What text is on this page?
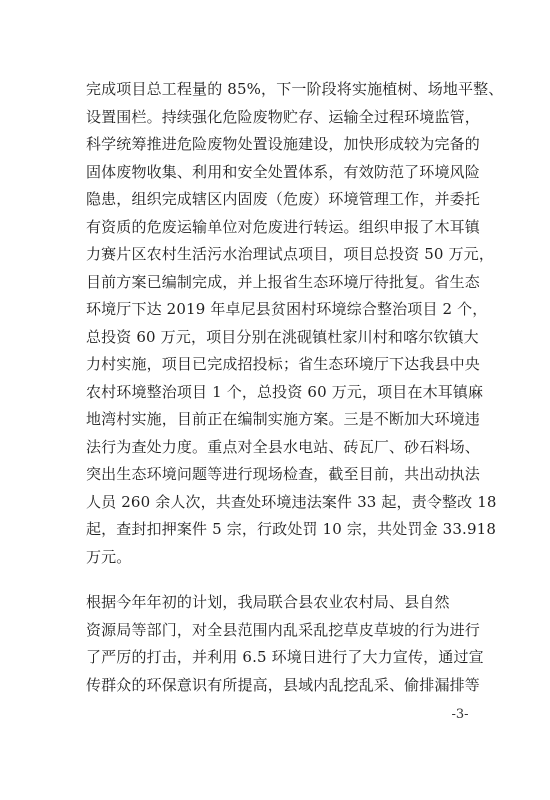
完成项目总工程量的 85%，下一阶段将实施植树、场地平整、
设置围栏。持续强化危险废物贮存、运输全过程环境监管，
科学统筹推进危险废物处置设施建设，加快形成较为完备的
固体废物收集、利用和安全处置体系，有效防范了环境风险
隐患，组织完成辖区内固废（危废）环境管理工作，并委托
有资质的危废运输单位对危废进行转运。组织申报了木耳镇
力赛片区农村生活污水治理试点项目，项目总投资 50 万元，
目前方案已编制完成，并上报省生态环境厅待批复。省生态
环境厅下达 2019 年卓尼县贫困村环境综合整治项目 2 个，
总投资 60 万元，项目分别在洮砚镇杜家川村和喀尔钦镇大
力村实施，项目已完成招投标；省生态环境厅下达我县中央
农村环境整治项目 1 个，总投资 60 万元，项目在木耳镇麻
地湾村实施，目前正在编制实施方案。三是不断加大环境违
法行为查处力度。重点对全县水电站、砖瓦厂、砂石料场、
突出生态环境问题等进行现场检查，截至目前，共出动执法
人员 260 余人次，共查处环境违法案件 33 起，责令整改 18
起，查封扣押案件 5 宗，行政处罚 10 宗，共处罚金 33.918
万元。
根据今年年初的计划，我局联合县农业农村局、县自然
资源局等部门，对全县范围内乱采乱挖草皮草坡的行为进行
了严厉的打击，并利用 6.5 环境日进行了大力宣传，通过宣
传群众的环保意识有所提高，县域内乱挖乱采、偷排漏排等
-3-
